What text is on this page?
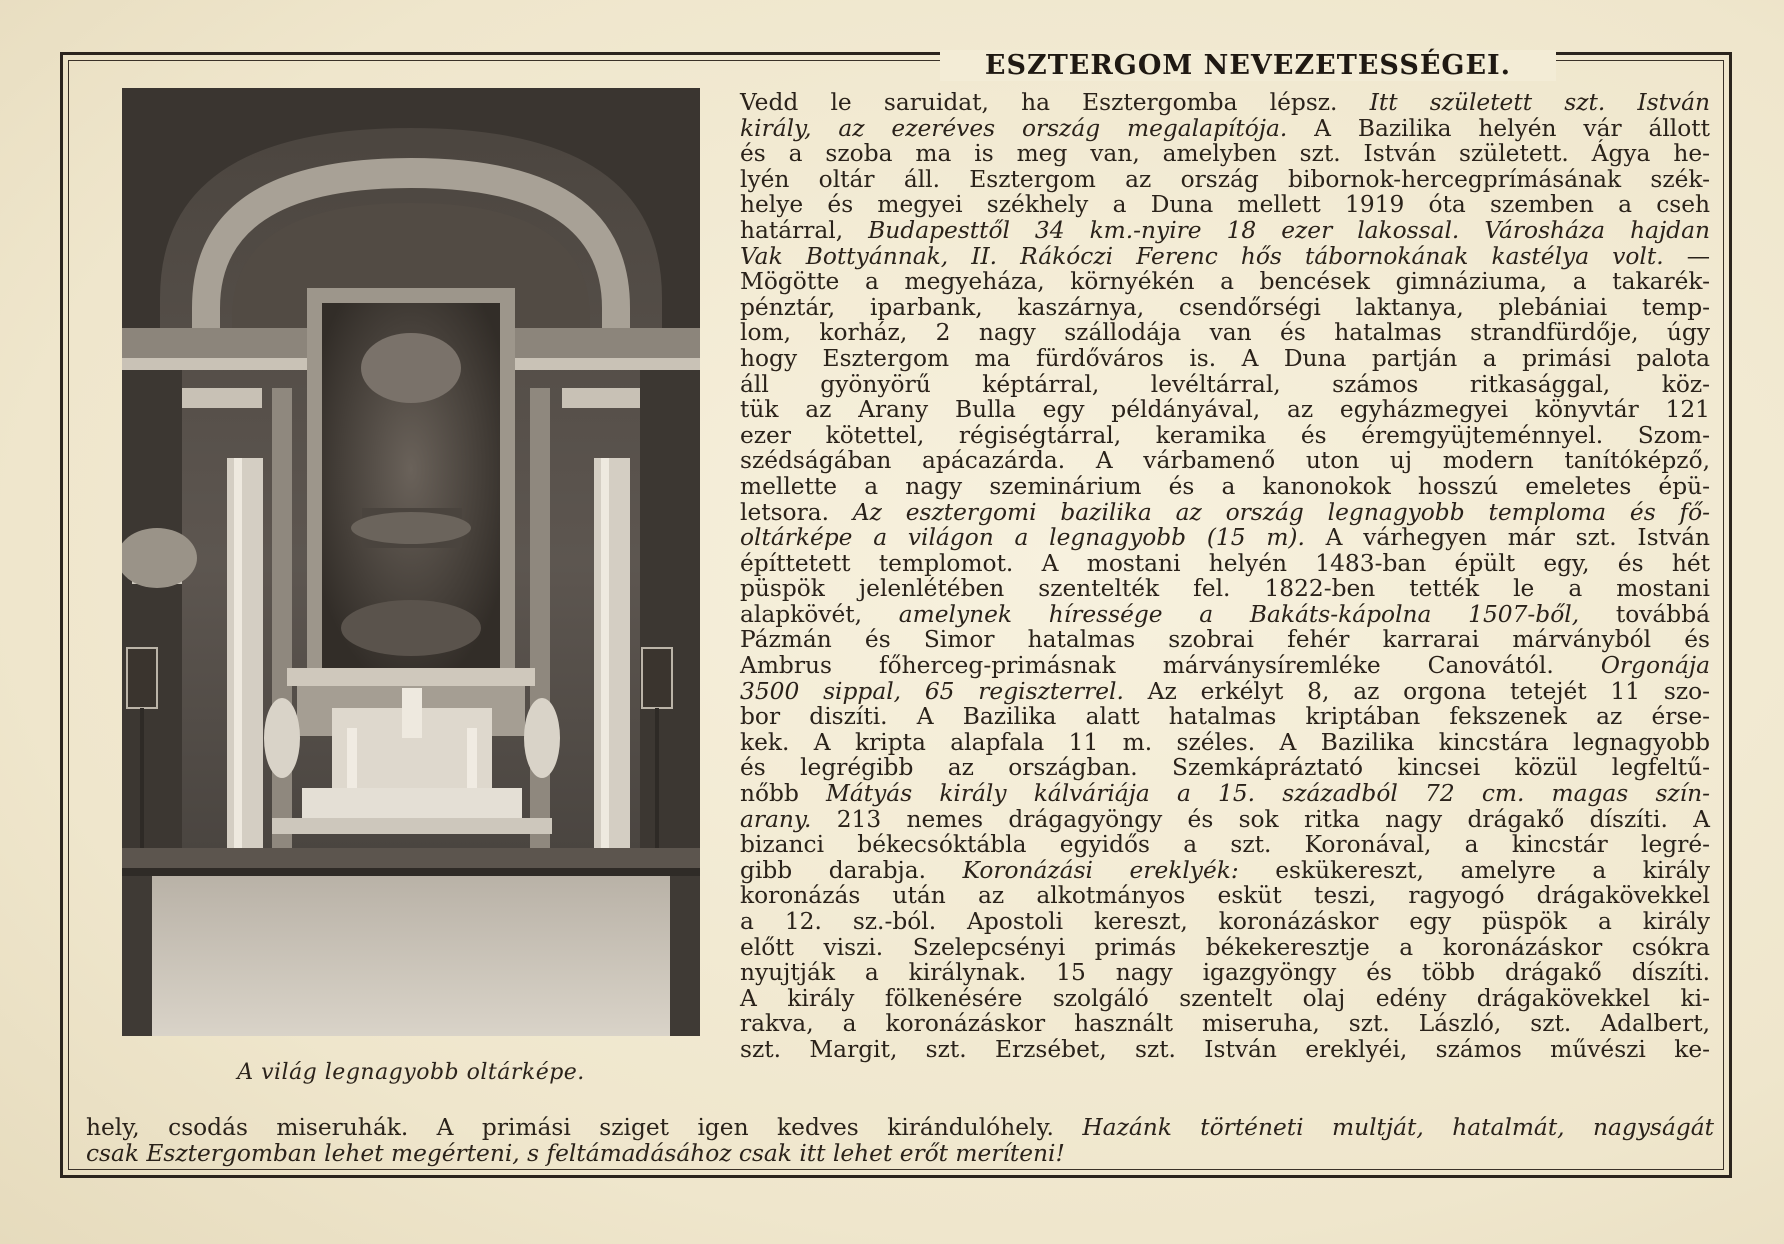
A világ legnagyobb oltárképe.
ESZTERGOM NEVEZETESSÉGEI.
Vedd le saruidat, ha Esztergomba lépsz. Itt született szt. István
király, az ezeréves ország megalapítója. A Bazilika helyén vár állott
és a szoba ma is meg van, amelyben szt. István született. Ágya he-
lyén oltár áll. Esztergom az ország bibornok-hercegprímásának szék-
helye és megyei székhely a Duna mellett 1919 óta szemben a cseh
határral, Budapesttől 34 km.-nyire 18 ezer lakossal. Városháza hajdan
Vak Bottyánnak, II. Rákóczi Ferenc hős tábornokának kastélya volt. —
Mögötte a megyeháza, környékén a bencések gimnáziuma, a takarék-
pénztár, iparbank, kaszárnya, csendőrségi laktanya, plebániai temp-
lom, korház, 2 nagy szállodája van és hatalmas strandfürdője, úgy
hogy Esztergom ma fürdőváros is. A Duna partján a primási palota
áll gyönyörű képtárral, levéltárral, számos ritkasággal, köz-
tük az Arany Bulla egy példányával, az egyházmegyei könyvtár 121
ezer kötettel, régiségtárral, keramika és éremgyüjteménnyel. Szom-
szédságában apácazárda. A várbamenő uton uj modern tanítóképző,
mellette a nagy szeminárium és a kanonokok hosszú emeletes épü-
letsora. Az esztergomi bazilika az ország legnagyobb temploma és fő-
oltárképe a világon a legnagyobb (15 m). A várhegyen már szt. István
építtetett templomot. A mostani helyén 1483-ban épült egy, és hét
püspök jelenlétében szentelték fel. 1822-ben tették le a mostani
alapkövét, amelynek híressége a Bakáts-kápolna 1507-ből, továbbá
Pázmán és Simor hatalmas szobrai fehér karrarai márványból és
Ambrus főherceg-primásnak márványsíremléke Canovától. Orgonája
3500 sippal, 65 regiszterrel. Az erkélyt 8, az orgona tetejét 11 szo-
bor diszíti. A Bazilika alatt hatalmas kriptában fekszenek az érse-
kek. A kripta alapfala 11 m. széles. A Bazilika kincstára legnagyobb
és legrégibb az országban. Szemkápráztató kincsei közül legfeltű-
nőbb Mátyás király kálváriája a 15. századból 72 cm. magas szín-
arany. 213 nemes drágagyöngy és sok ritka nagy drágakő díszíti. A
bizanci békecsóktábla egyidős a szt. Koronával, a kincstár legré-
gibb darabja. Koronázási ereklyék: eskükereszt, amelyre a király
koronázás után az alkotmányos esküt teszi, ragyogó drágakövekkel
a 12. sz.-ból. Apostoli kereszt, koronázáskor egy püspök a király
előtt viszi. Szelepcsényi primás békekeresztje a koronázáskor csókra
nyujtják a királynak. 15 nagy igazgyöngy és több drágakő díszíti.
A király fölkenésére szolgáló szentelt olaj edény drágakövekkel ki-
rakva, a koronázáskor használt miseruha, szt. László, szt. Adalbert,
szt. Margit, szt. Erzsébet, szt. István ereklyéi, számos művészi ke-
hely, csodás miseruhák. A primási sziget igen kedves kirándulóhely. Hazánk történeti multját, hatalmát, nagyságát
csak Esztergomban lehet megérteni, s feltámadásához csak itt lehet erőt meríteni!
